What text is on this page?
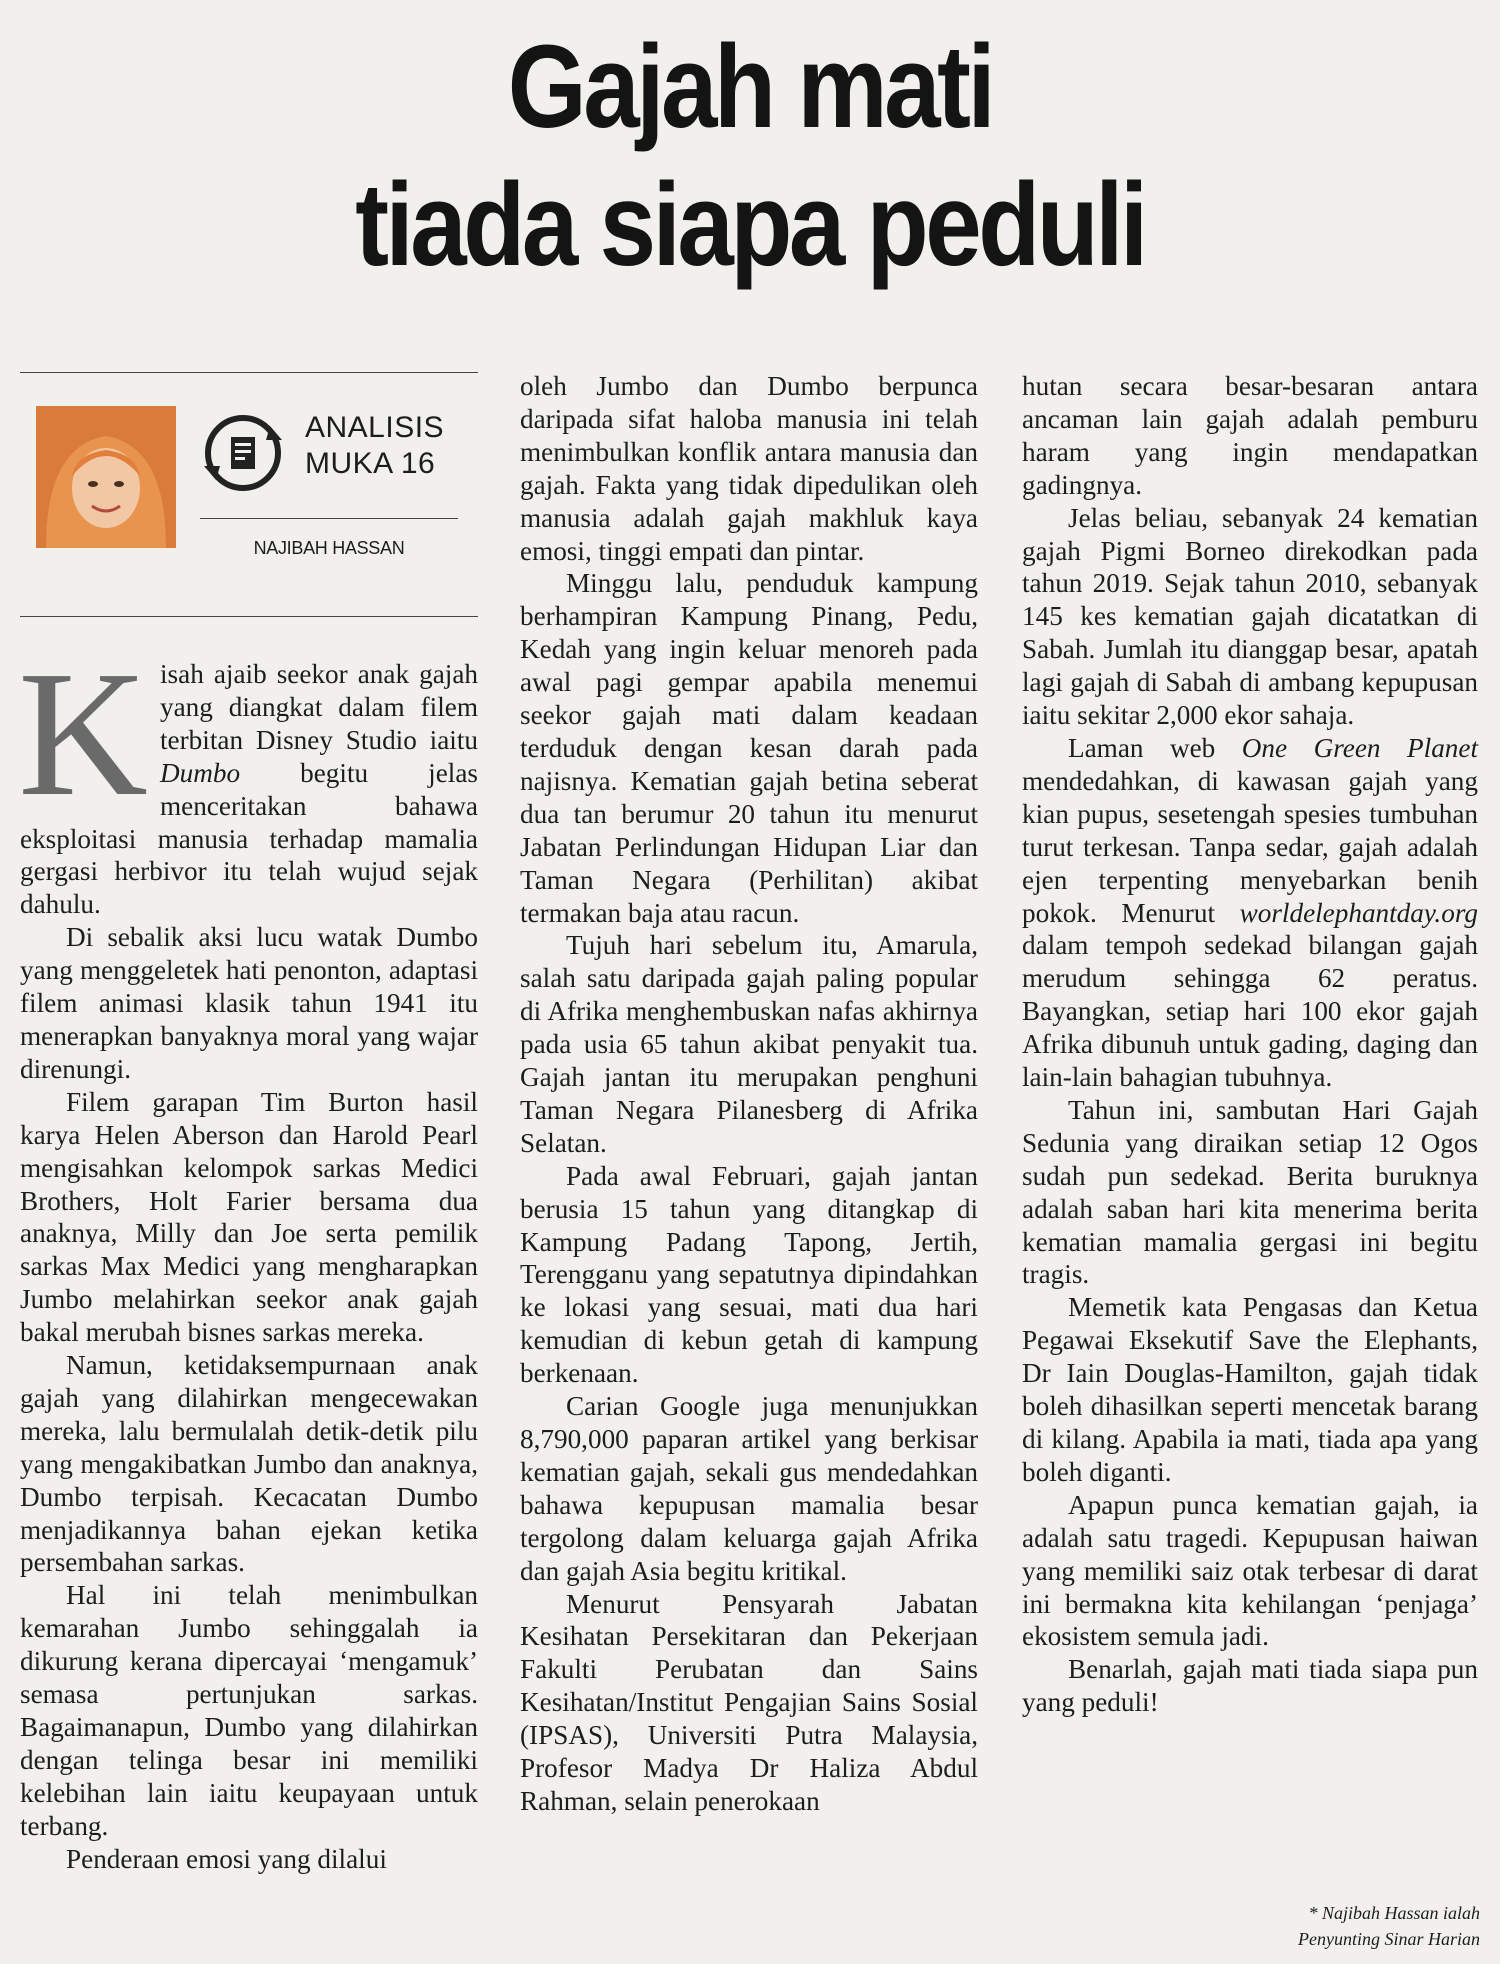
Gajah mati
tiada siapa peduli
ANALISIS
MUKA 16
NAJIBAH HASSAN

Kisah ajaib seekor anak gajah yang diangkat dalam filem terbitan Disney Studio iaitu Dumbo begitu jelas menceritakan bahawa eksploitasi manusia terhadap mamalia gergasi herbivor itu telah wujud sejak dahulu.

Di sebalik aksi lucu watak Dumbo yang menggeletek hati penonton, adaptasi filem animasi klasik tahun 1941 itu menerapkan banyaknya moral yang wajar direnungi.

Filem garapan Tim Burton hasil karya Helen Aberson dan Harold Pearl mengisahkan kelompok sarkas Medici Brothers, Holt Farier bersama dua anaknya, Milly dan Joe serta pemilik sarkas Max Medici yang mengharapkan Jumbo melahirkan seekor anak gajah bakal merubah bisnes sarkas mereka.

Namun, ketidaksempurnaan anak gajah yang dilahirkan mengecewakan mereka, lalu bermulalah detik-detik pilu yang mengakibatkan Jumbo dan anaknya, Dumbo terpisah. Kecacatan Dumbo menjadikannya bahan ejekan ketika persembahan sarkas.

Hal ini telah menimbulkan kemarahan Jumbo sehinggalah ia dikurung kerana dipercayai ‘mengamuk’ semasa pertunjukan sarkas. Bagaimanapun, Dumbo yang dilahirkan dengan telinga besar ini memiliki kelebihan lain iaitu keupayaan untuk terbang.

Penderaan emosi yang dilalui

oleh Jumbo dan Dumbo berpunca daripada sifat haloba manusia ini telah menimbulkan konflik antara manusia dan gajah. Fakta yang tidak dipedulikan oleh manusia adalah gajah makhluk kaya emosi, tinggi empati dan pintar.

Minggu lalu, penduduk kampung berhampiran Kampung Pinang, Pedu, Kedah yang ingin keluar menoreh pada awal pagi gempar apabila menemui seekor gajah mati dalam keadaan terduduk dengan kesan darah pada najisnya. Kematian gajah betina seberat dua tan berumur 20 tahun itu menurut Jabatan Perlindungan Hidupan Liar dan Taman Negara (Perhilitan) akibat termakan baja atau racun.

Tujuh hari sebelum itu, Amarula, salah satu daripada gajah paling popular di Afrika menghembuskan nafas akhirnya pada usia 65 tahun akibat penyakit tua. Gajah jantan itu merupakan penghuni Taman Negara Pilanesberg di Afrika Selatan.

Pada awal Februari, gajah jantan berusia 15 tahun yang ditangkap di Kampung Padang Tapong, Jertih, Terengganu yang sepatutnya dipindahkan ke lokasi yang sesuai, mati dua hari kemudian di kebun getah di kampung berkenaan.

Carian Google juga menunjukkan 8,790,000 paparan artikel yang berkisar kematian gajah, sekali gus mendedahkan bahawa kepupusan mamalia besar tergolong dalam keluarga gajah Afrika dan gajah Asia begitu kritikal.

Menurut Pensyarah Jabatan Kesihatan Persekitaran dan Pekerjaan Fakulti Perubatan dan Sains Kesihatan/Institut Pengajian Sains Sosial (IPSAS), Universiti Putra Malaysia, Profesor Madya Dr Haliza Abdul Rahman, selain penerokaan

hutan secara besar-besaran antara ancaman lain gajah adalah pemburu haram yang ingin mendapatkan gadingnya.

Jelas beliau, sebanyak 24 kematian gajah Pigmi Borneo direkodkan pada tahun 2019. Sejak tahun 2010, sebanyak 145 kes kematian gajah dicatatkan di Sabah. Jumlah itu dianggap besar, apatah lagi gajah di Sabah di ambang kepupusan iaitu sekitar 2,000 ekor sahaja.

Laman web One Green Planet mendedahkan, di kawasan gajah yang kian pupus, sesetengah spesies tumbuhan turut terkesan. Tanpa sedar, gajah adalah ejen terpenting menyebarkan benih pokok. Menurut worldelephantday.org dalam tempoh sedekad bilangan gajah merudum sehingga 62 peratus. Bayangkan, setiap hari 100 ekor gajah Afrika dibunuh untuk gading, daging dan lain-lain bahagian tubuhnya.

Tahun ini, sambutan Hari Gajah Sedunia yang diraikan setiap 12 Ogos sudah pun sedekad. Berita buruknya adalah saban hari kita menerima berita kematian mamalia gergasi ini begitu tragis.

Memetik kata Pengasas dan Ketua Pegawai Eksekutif Save the Elephants, Dr Iain Douglas-Hamilton, gajah tidak boleh dihasilkan seperti mencetak barang di kilang. Apabila ia mati, tiada apa yang boleh diganti.

Apapun punca kematian gajah, ia adalah satu tragedi. Kepupusan haiwan yang memiliki saiz otak terbesar di darat ini bermakna kita kehilangan ‘penjaga’ ekosistem semula jadi.

Benarlah, gajah mati tiada siapa pun yang peduli!

* Najibah Hassan ialah
Penyunting Sinar Harian
